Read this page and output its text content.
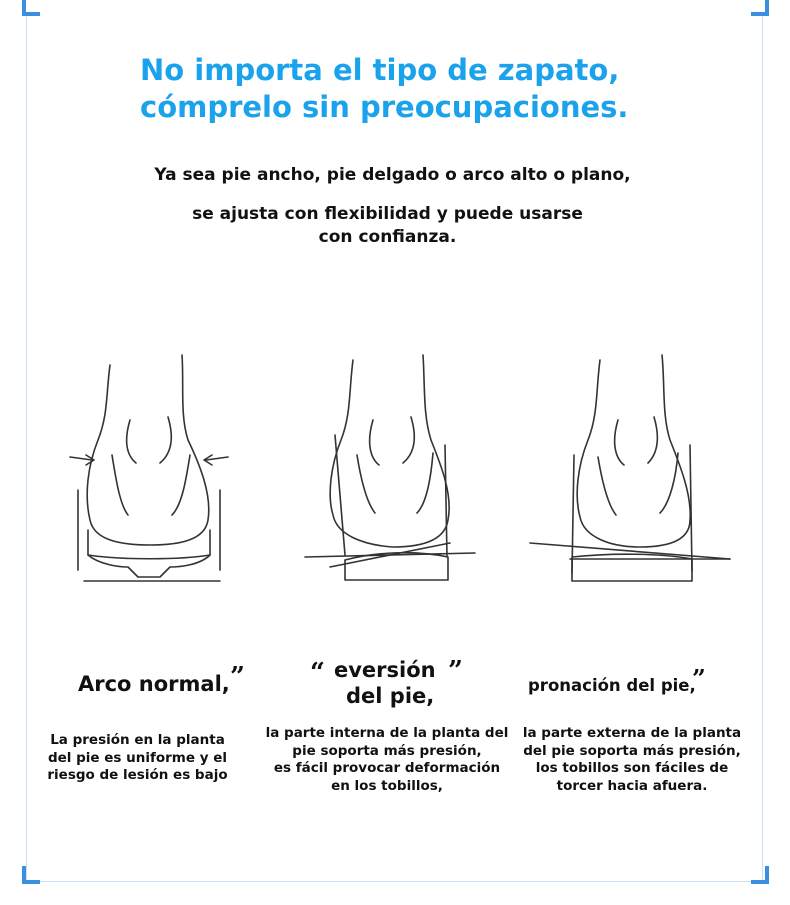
No importa el tipo de zapato,
cómprelo sin preocupaciones.
Ya sea pie ancho, pie delgado o arco alto o plano,
se ajusta con flexibilidad y puede usarse
con confianza.
Arco normal, ”
La presión en la planta
del pie es uniforme y el
riesgo de lesión es bajo
“ eversión ”
del pie,
la parte interna de la planta del
pie soporta más presión,
es fácil provocar deformación
en los tobillos,
pronación del pie,
”
la parte externa de la planta
del pie soporta más presión,
los tobillos son fáciles de
torcer hacia afuera.
